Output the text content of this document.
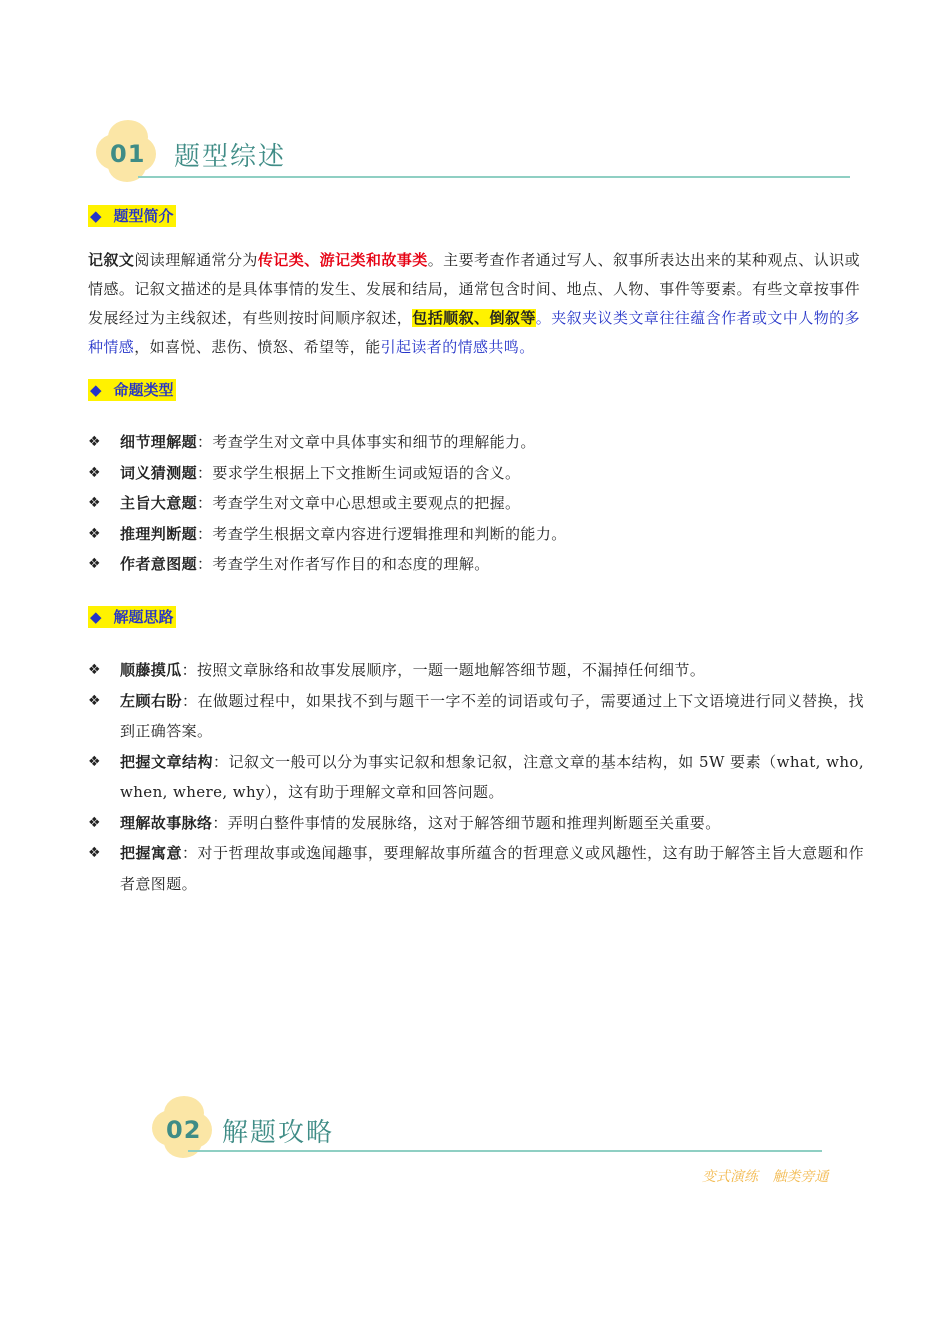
01 题型综述
◆ 题型简介
记叙文阅读理解通常分为传记类、游记类和故事类。主要考查作者通过写人、叙事所表达出来的某种观点、认识或情感。记叙文描述的是具体事情的发生、发展和结局，通常包含时间、地点、人物、事件等要素。有些文章按事件发展经过为主线叙述，有些则按时间顺序叙述，包括顺叙、倒叙等。夹叙夹议类文章往往蕴含作者或文中人物的多种情感，如喜悦、悲伤、愤怒、希望等，能引起读者的情感共鸣。
◆ 命题类型
❖ 细节理解题：考查学生对文章中具体事实和细节的理解能力。
❖ 词义猜测题：要求学生根据上下文推断生词或短语的含义。
❖ 主旨大意题：考查学生对文章中心思想或主要观点的把握。
❖ 推理判断题：考查学生根据文章内容进行逻辑推理和判断的能力。
❖ 作者意图题：考查学生对作者写作目的和态度的理解。
◆ 解题思路
❖ 顺藤摸瓜：按照文章脉络和故事发展顺序，一题一题地解答细节题，不漏掉任何细节。
❖ 左顾右盼：在做题过程中，如果找不到与题干一字不差的词语或句子，需要通过上下文语境进行同义替换，找到正确答案。
❖ 把握文章结构：记叙文一般可以分为事实记叙和想象记叙，注意文章的基本结构，如 5W 要素（what, who, when, where, why），这有助于理解文章和回答问题。
❖ 理解故事脉络：弄明白整件事情的发展脉络，这对于解答细节题和推理判断题至关重要。
❖ 把握寓意：对于哲理故事或逸闻趣事，要理解故事所蕴含的哲理意义或风趣性，这有助于解答主旨大意题和作者意图题。
02 解题攻略
变式演练 触类旁通
